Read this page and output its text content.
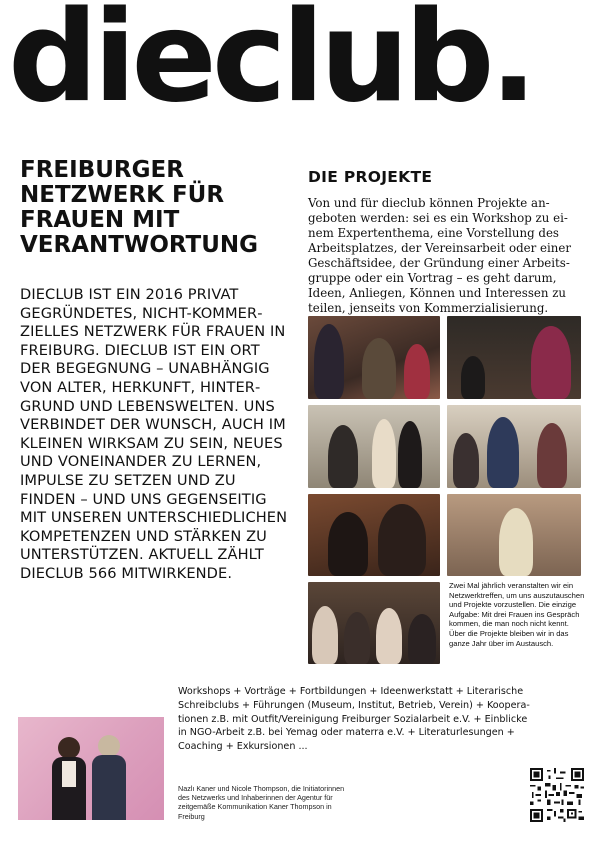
dieclub.
FREIBURGER NETZWERK FÜR FRAUEN MIT VERANTWORTUNG

DIECLUB IST EIN 2016 PRIVAT GEGRÜNDETES, NICHT-KOMMERZIELLES NETZWERK FÜR FRAUEN IN FREIBURG. DIECLUB IST EIN ORT DER BEGEGNUNG – UNABHÄNGIG VON ALTER, HERKUNFT, HINTERGRUND UND LEBENSWELTEN. UNS VERBINDET DER WUNSCH, AUCH IM KLEINEN WIRKSAM ZU SEIN, NEUES UND VONEINANDER ZU LERNEN, IMPULSE ZU SETZEN UND ZU FINDEN – UND UNS GEGENSEITIG MIT UNSEREN UNTERSCHIEDLICHEN KOMPETENZEN UND STÄRKEN ZU UNTERSTÜTZEN. AKTUELL ZÄHLT DIECLUB 566 MITWIRKENDE.

DIE PROJEKTE

Von und für dieclub können Projekte angeboten werden: sei es ein Workshop zu einem Expertenthema, eine Vorstellung des Arbeitsplatzes, der Vereinsarbeit oder einer Geschäftsidee, der Gründung einer Arbeitsgruppe oder ein Vortrag – es geht darum, Ideen, Anliegen, Können und Interessen zu teilen, jenseits von Kommerzialisierung.

Zwei Mal jährlich veranstalten wir ein Netzwerktreffen, um uns auszutauschen und Projekte vorzustellen. Die einzige Aufgabe: Mit drei Frauen ins Gespräch kommen, die man noch nicht kennt. Über die Projekte bleiben wir in das ganze Jahr über im Austausch.

Workshops + Vorträge + Fortbildungen + Ideenwerkstatt + Literarische Schreibclubs + Führungen (Museum, Institut, Betrieb, Verein) + Kooperationen z.B. mit Outfit/Vereinigung Freiburger Sozialarbeit e.V. + Einblicke in NGO-Arbeit z.B. bei Yemag oder materra e.V. + Literaturlesungen + Coaching + Exkursionen ...

Nazlı Kaner und Nicole Thompson, die Initiatorinnen des Netzwerks und Inhaberinnen der Agentur für zeitgemäße Kommunikation Kaner Thompson in Freiburg
